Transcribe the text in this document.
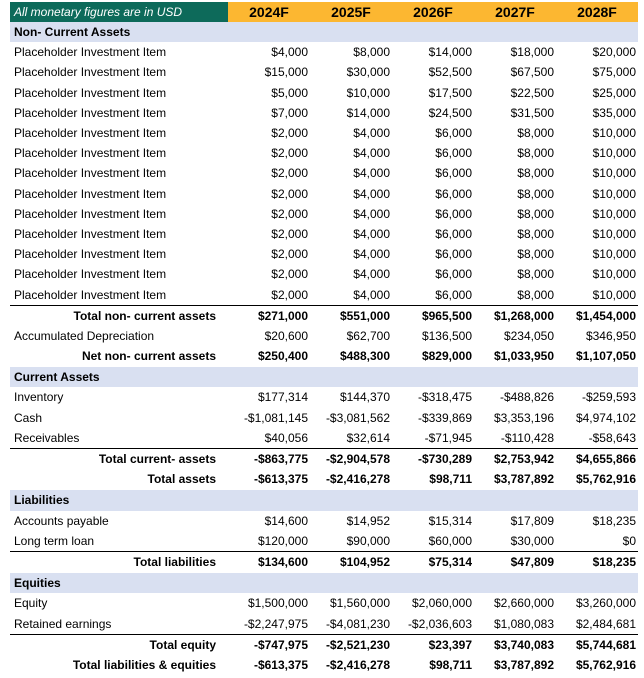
All monetary figures are in USD	2024F	2025F	2026F	2027F	2028F
Non- Current Assets
Placeholder Investment Item	$4,000	$8,000	$14,000	$18,000	$20,000
Placeholder Investment Item	$15,000	$30,000	$52,500	$67,500	$75,000
Placeholder Investment Item	$5,000	$10,000	$17,500	$22,500	$25,000
Placeholder Investment Item	$7,000	$14,000	$24,500	$31,500	$35,000
Placeholder Investment Item	$2,000	$4,000	$6,000	$8,000	$10,000
Placeholder Investment Item	$2,000	$4,000	$6,000	$8,000	$10,000
Placeholder Investment Item	$2,000	$4,000	$6,000	$8,000	$10,000
Placeholder Investment Item	$2,000	$4,000	$6,000	$8,000	$10,000
Placeholder Investment Item	$2,000	$4,000	$6,000	$8,000	$10,000
Placeholder Investment Item	$2,000	$4,000	$6,000	$8,000	$10,000
Placeholder Investment Item	$2,000	$4,000	$6,000	$8,000	$10,000
Placeholder Investment Item	$2,000	$4,000	$6,000	$8,000	$10,000
Placeholder Investment Item	$2,000	$4,000	$6,000	$8,000	$10,000
Total non- current assets	$271,000	$551,000	$965,500	$1,268,000	$1,454,000
Accumulated Depreciation	$20,600	$62,700	$136,500	$234,050	$346,950
Net non- current assets	$250,400	$488,300	$829,000	$1,033,950	$1,107,050
Current Assets
Inventory	$177,314	$144,370	-$318,475	-$488,826	-$259,593
Cash	-$1,081,145	-$3,081,562	-$339,869	$3,353,196	$4,974,102
Receivables	$40,056	$32,614	-$71,945	-$110,428	-$58,643
Total current- assets	-$863,775	-$2,904,578	-$730,289	$2,753,942	$4,655,866
Total assets	-$613,375	-$2,416,278	$98,711	$3,787,892	$5,762,916
Liabilities
Accounts payable	$14,600	$14,952	$15,314	$17,809	$18,235
Long term loan	$120,000	$90,000	$60,000	$30,000	$0
Total liabilities	$134,600	$104,952	$75,314	$47,809	$18,235
Equities
Equity	$1,500,000	$1,560,000	$2,060,000	$2,660,000	$3,260,000
Retained earnings	-$2,247,975	-$4,081,230	-$2,036,603	$1,080,083	$2,484,681
Total equity	-$747,975	-$2,521,230	$23,397	$3,740,083	$5,744,681
Total liabilities & equities	-$613,375	-$2,416,278	$98,711	$3,787,892	$5,762,916
